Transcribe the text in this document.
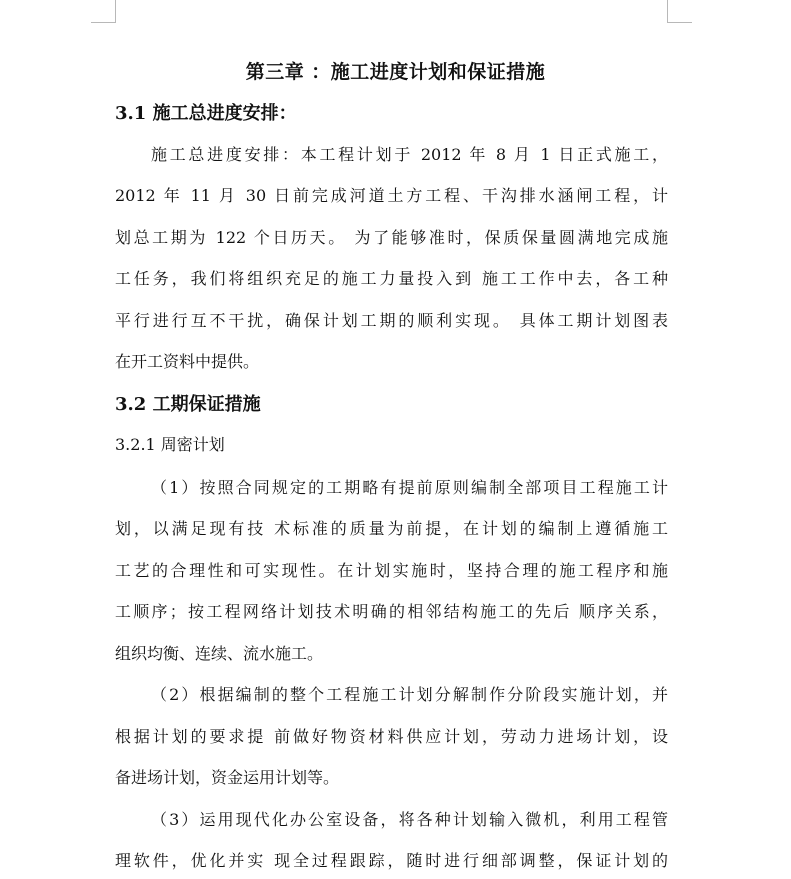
第三章 ：施工进度计划和保证措施
3.1 施工总进度安排：
施工总进度安排：本工程计划于 2012 年 8 月 1 日正式施工，
2012 年 11 月 30 日前完成河道土方工程、干沟排水涵闸工程，计
划总工期为 122 个日历天。 为了能够准时，保质保量圆满地完成施
工任务，我们将组织充足的施工力量投入到 施工工作中去，各工种
平行进行互不干扰，确保计划工期的顺利实现。 具体工期计划图表
在开工资料中提供。
3.2 工期保证措施
3.2.1 周密计划
（1）按照合同规定的工期略有提前原则编制全部项目工程施工计
划，以满足现有技 术标准的质量为前提，在计划的编制上遵循施工
工艺的合理性和可实现性。在计划实施时，坚持合理的施工程序和施
工顺序；按工程网络计划技术明确的相邻结构施工的先后 顺序关系，
组织均衡、连续、流水施工。
（2）根据编制的整个工程施工计划分解制作分阶段实施计划，并
根据计划的要求提 前做好物资材料供应计划，劳动力进场计划，设
备进场计划，资金运用计划等。
（3）运用现代化办公室设备，将各种计划输入微机，利用工程管
理软件，优化并实 现全过程跟踪，随时进行细部调整，保证计划的
